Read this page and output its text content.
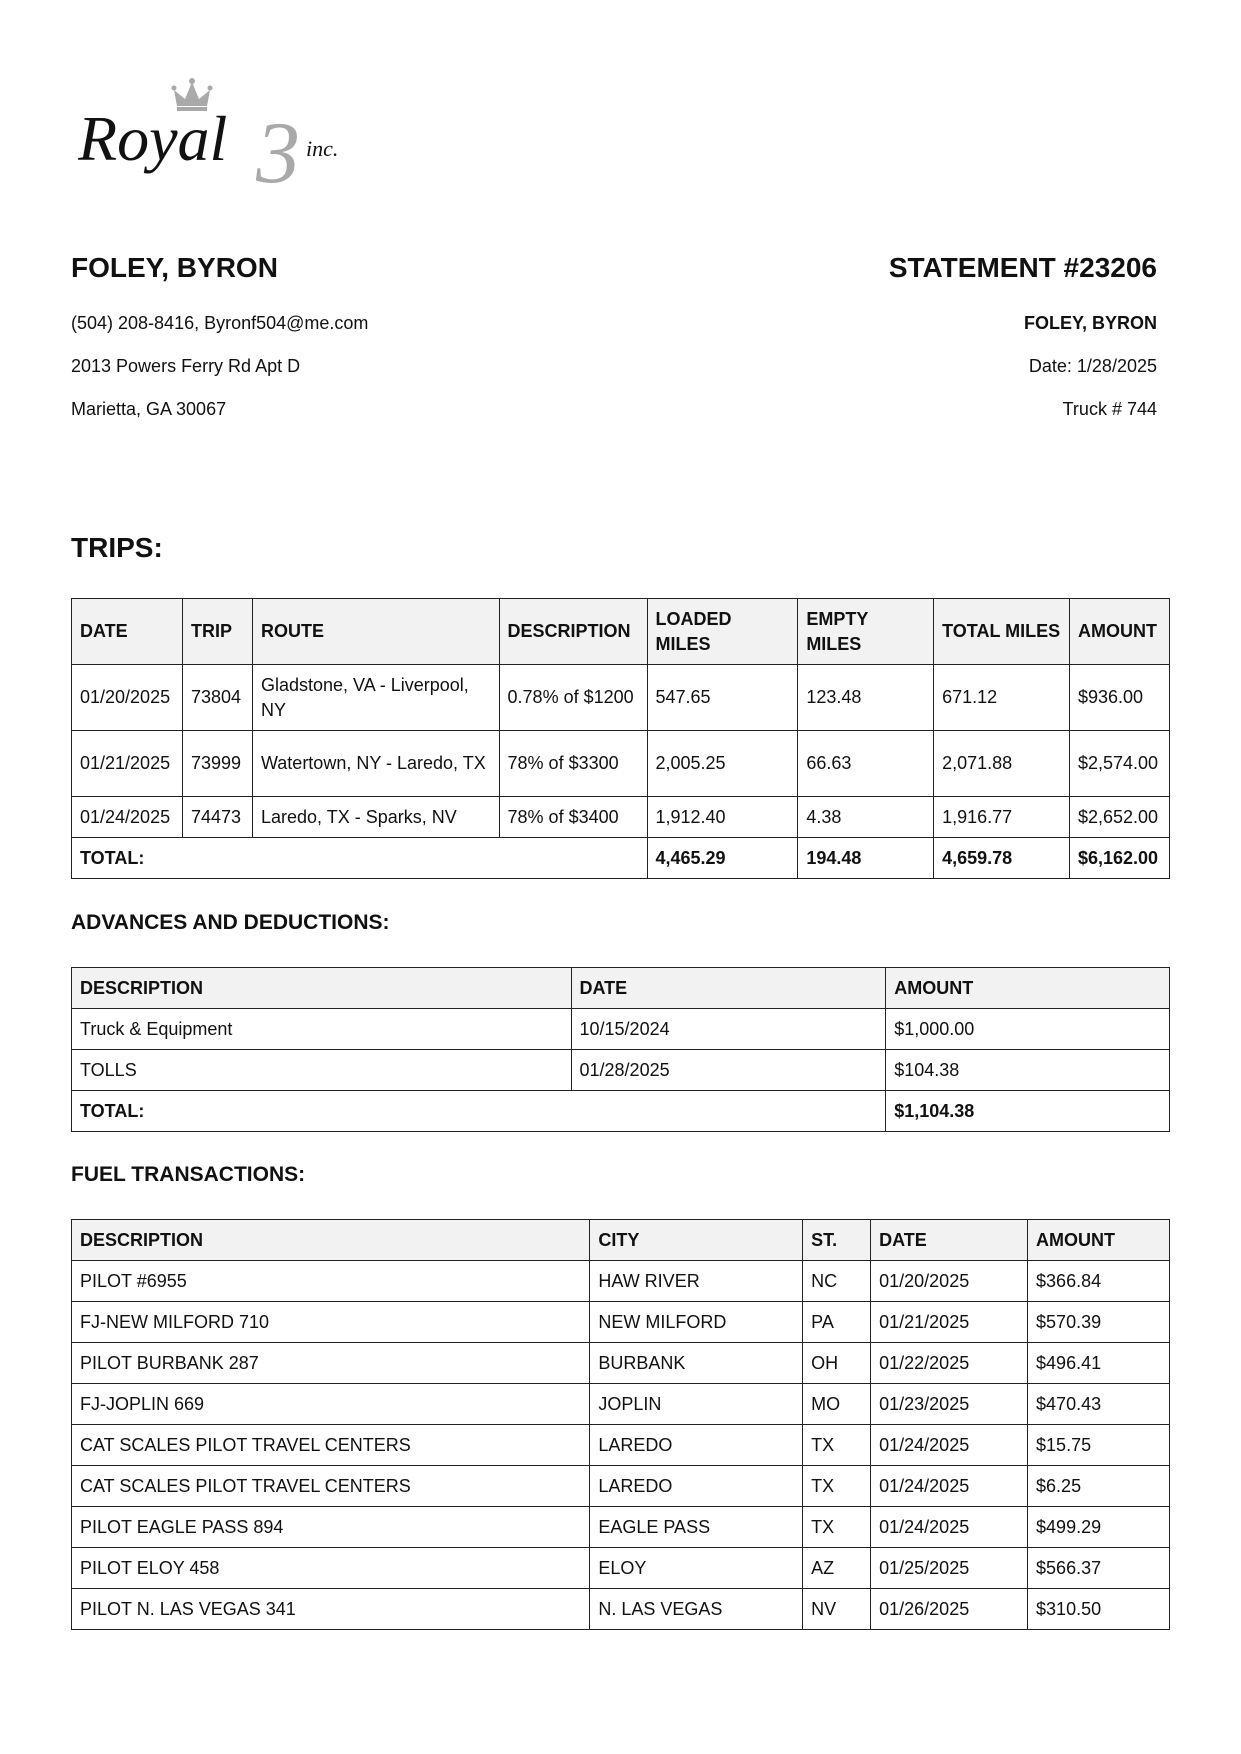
Royal 3 inc.
FOLEY, BYRON
(504) 208-8416, Byronf504@me.com
2013 Powers Ferry Rd Apt D
Marietta, GA 30067
STATEMENT #23206
FOLEY, BYRON
Date: 1/28/2025
Truck # 744
TRIPS:
DATE	TRIP	ROUTE	DESCRIPTION	LOADED MILES	EMPTY MILES	TOTAL MILES	AMOUNT
01/20/2025	73804	Gladstone, VA - Liverpool, NY	0.78% of $1200	547.65	123.48	671.12	$936.00
01/21/2025	73999	Watertown, NY - Laredo, TX	78% of $3300	2,005.25	66.63	2,071.88	$2,574.00
01/24/2025	74473	Laredo, TX - Sparks, NV	78% of $3400	1,912.40	4.38	1,916.77	$2,652.00
TOTAL:				4,465.29	194.48	4,659.78	$6,162.00
ADVANCES AND DEDUCTIONS:
DESCRIPTION	DATE	AMOUNT
Truck & Equipment	10/15/2024	$1,000.00
TOLLS	01/28/2025	$104.38
TOTAL:		$1,104.38
FUEL TRANSACTIONS:
DESCRIPTION	CITY	ST.	DATE	AMOUNT
PILOT #6955	HAW RIVER	NC	01/20/2025	$366.84
FJ-NEW MILFORD 710	NEW MILFORD	PA	01/21/2025	$570.39
PILOT BURBANK 287	BURBANK	OH	01/22/2025	$496.41
FJ-JOPLIN 669	JOPLIN	MO	01/23/2025	$470.43
CAT SCALES PILOT TRAVEL CENTERS	LAREDO	TX	01/24/2025	$15.75
CAT SCALES PILOT TRAVEL CENTERS	LAREDO	TX	01/24/2025	$6.25
PILOT EAGLE PASS 894	EAGLE PASS	TX	01/24/2025	$499.29
PILOT ELOY 458	ELOY	AZ	01/25/2025	$566.37
PILOT N. LAS VEGAS 341	N. LAS VEGAS	NV	01/26/2025	$310.50
